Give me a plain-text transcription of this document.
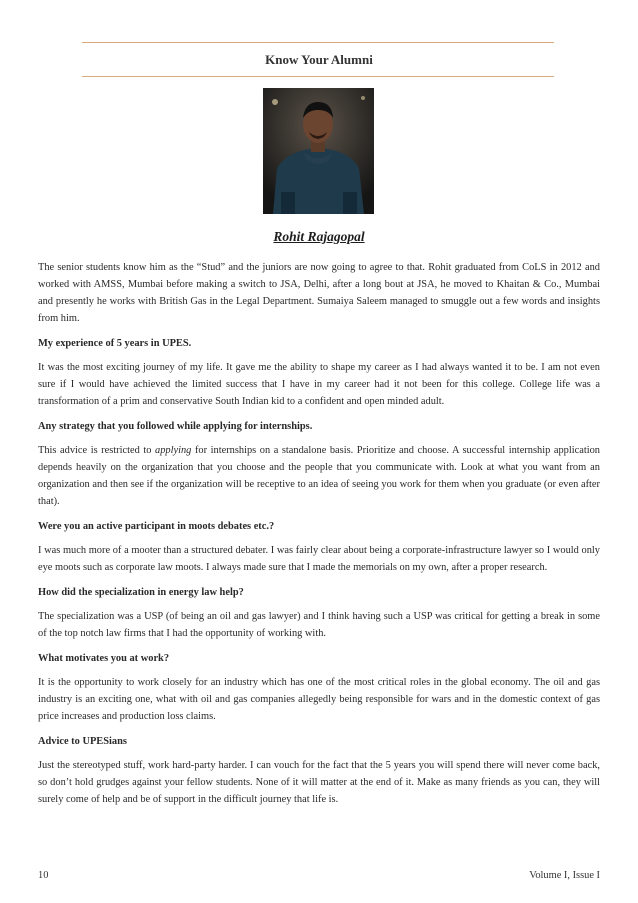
Know Your Alumni
Rohit Rajagopal

The senior students know him as the “Stud” and the juniors are now going to agree to that. Rohit graduated from CoLS in 2012 and worked with AMSS, Mumbai before making a switch to JSA, Delhi, after a long bout at JSA, he moved to Khaitan & Co., Mumbai and presently he works with British Gas in the Legal Department. Sumaiya Saleem managed to smuggle out a few words and insights from him.

My experience of 5 years in UPES.

It was the most exciting journey of my life. It gave me the ability to shape my career as I had always wanted it to be. I am not even sure if I would have achieved the limited success that I have in my career had it not been for this college. College life was a transformation of a prim and conservative South Indian kid to a confident and open minded adult.

Any strategy that you followed while applying for internships.

This advice is restricted to applying for internships on a standalone basis. Prioritize and choose. A successful internship application depends heavily on the organization that you choose and the people that you communicate with. Look at what you want from an organization and then see if the organization will be receptive to an idea of seeing you work for them when you graduate (or even after that).

Were you an active participant in moots debates etc.?

I was much more of a mooter than a structured debater. I was fairly clear about being a corporate-infrastructure lawyer so I would only eye moots such as corporate law moots. I always made sure that I made the memorials on my own, after a proper research.

How did the specialization in energy law help?

The specialization was a USP (of being an oil and gas lawyer) and I think having such a USP was critical for getting a break in some of the top notch law firms that I had the opportunity of working with.

What motivates you at work?

It is the opportunity to work closely for an industry which has one of the most critical roles in the global economy. The oil and gas industry is an exciting one, what with oil and gas companies allegedly being responsible for wars and in the domestic context of gas price increases and production loss claims.

Advice to UPESians

Just the stereotyped stuff, work hard-party harder. I can vouch for the fact that the 5 years you will spend there will never come back, so don’t hold grudges against your fellow students. None of it will matter at the end of it. Make as many friends as you can, they will surely come of help and be of support in the difficult journey that life is.

10	Volume I, Issue I
